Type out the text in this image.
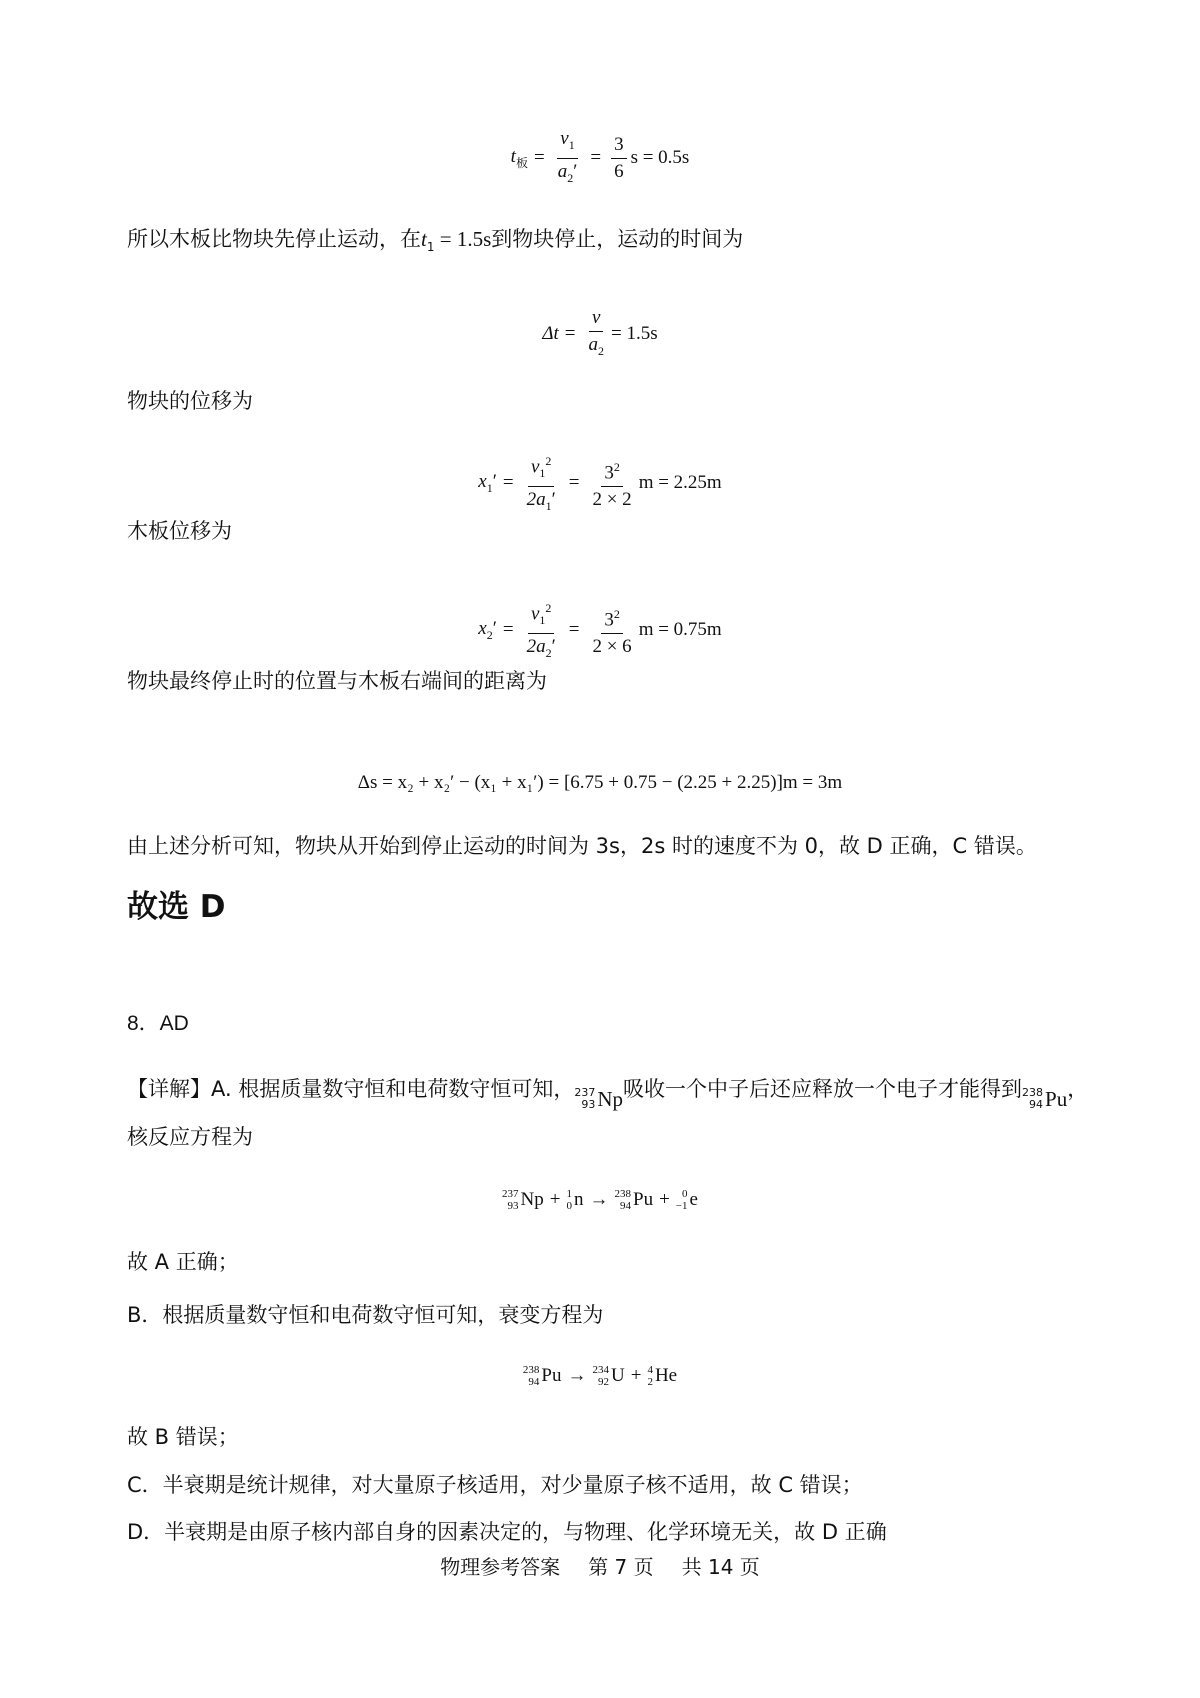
$t_板 = \frac{v_1}{a_2'} = \frac{3}{6}$ s = 0.5s

所以木板比物块先停止运动，在$t_1 = 1.5s$到物块停止，运动的时间为

$\Delta t = \frac{v}{a_2} = 1.5s$

物块的位移为

$x_1' = \frac{v_1^2}{2a_1'} = \frac{3^2}{2 \times 2}$ m = 2.25m

木板位移为

$x_2' = \frac{v_1^2}{2a_2'} = \frac{3^2}{2 \times 6}$ m = 0.75m

物块最终停止时的位置与木板右端间的距离为

Δs = x₂ + x₂′ − (x₁ + x₁′) = [6.75 + 0.75 − (2.25 + 2.25)]m = 3m

由上述分析可知，物块从开始到停止运动的时间为 3s，2s 时的速度不为 0，故 D 正确，C 错误。

故选 D

8．AD

【详解】A. 根据质量数守恒和电荷数守恒可知， 237
93 Np 吸收一个中子后还应释放一个电子才能得到 238
94 Pu ，

核反应方程为

237
93 Np + 1
0 n → 238
94 Pu + 0
−1 e

故 A 正确；

B．根据质量数守恒和电荷数守恒可知，衰变方程为

238
94 Pu → 234
92 U + 4
2 He

故 B 错误；

C．半衰期是统计规律，对大量原子核适用，对少量原子核不适用，故 C 错误；

D．半衰期是由原子核内部自身的因素决定的，与物理、化学环境无关，故 D 正确

物理参考答案 第 7 页 共 14 页
